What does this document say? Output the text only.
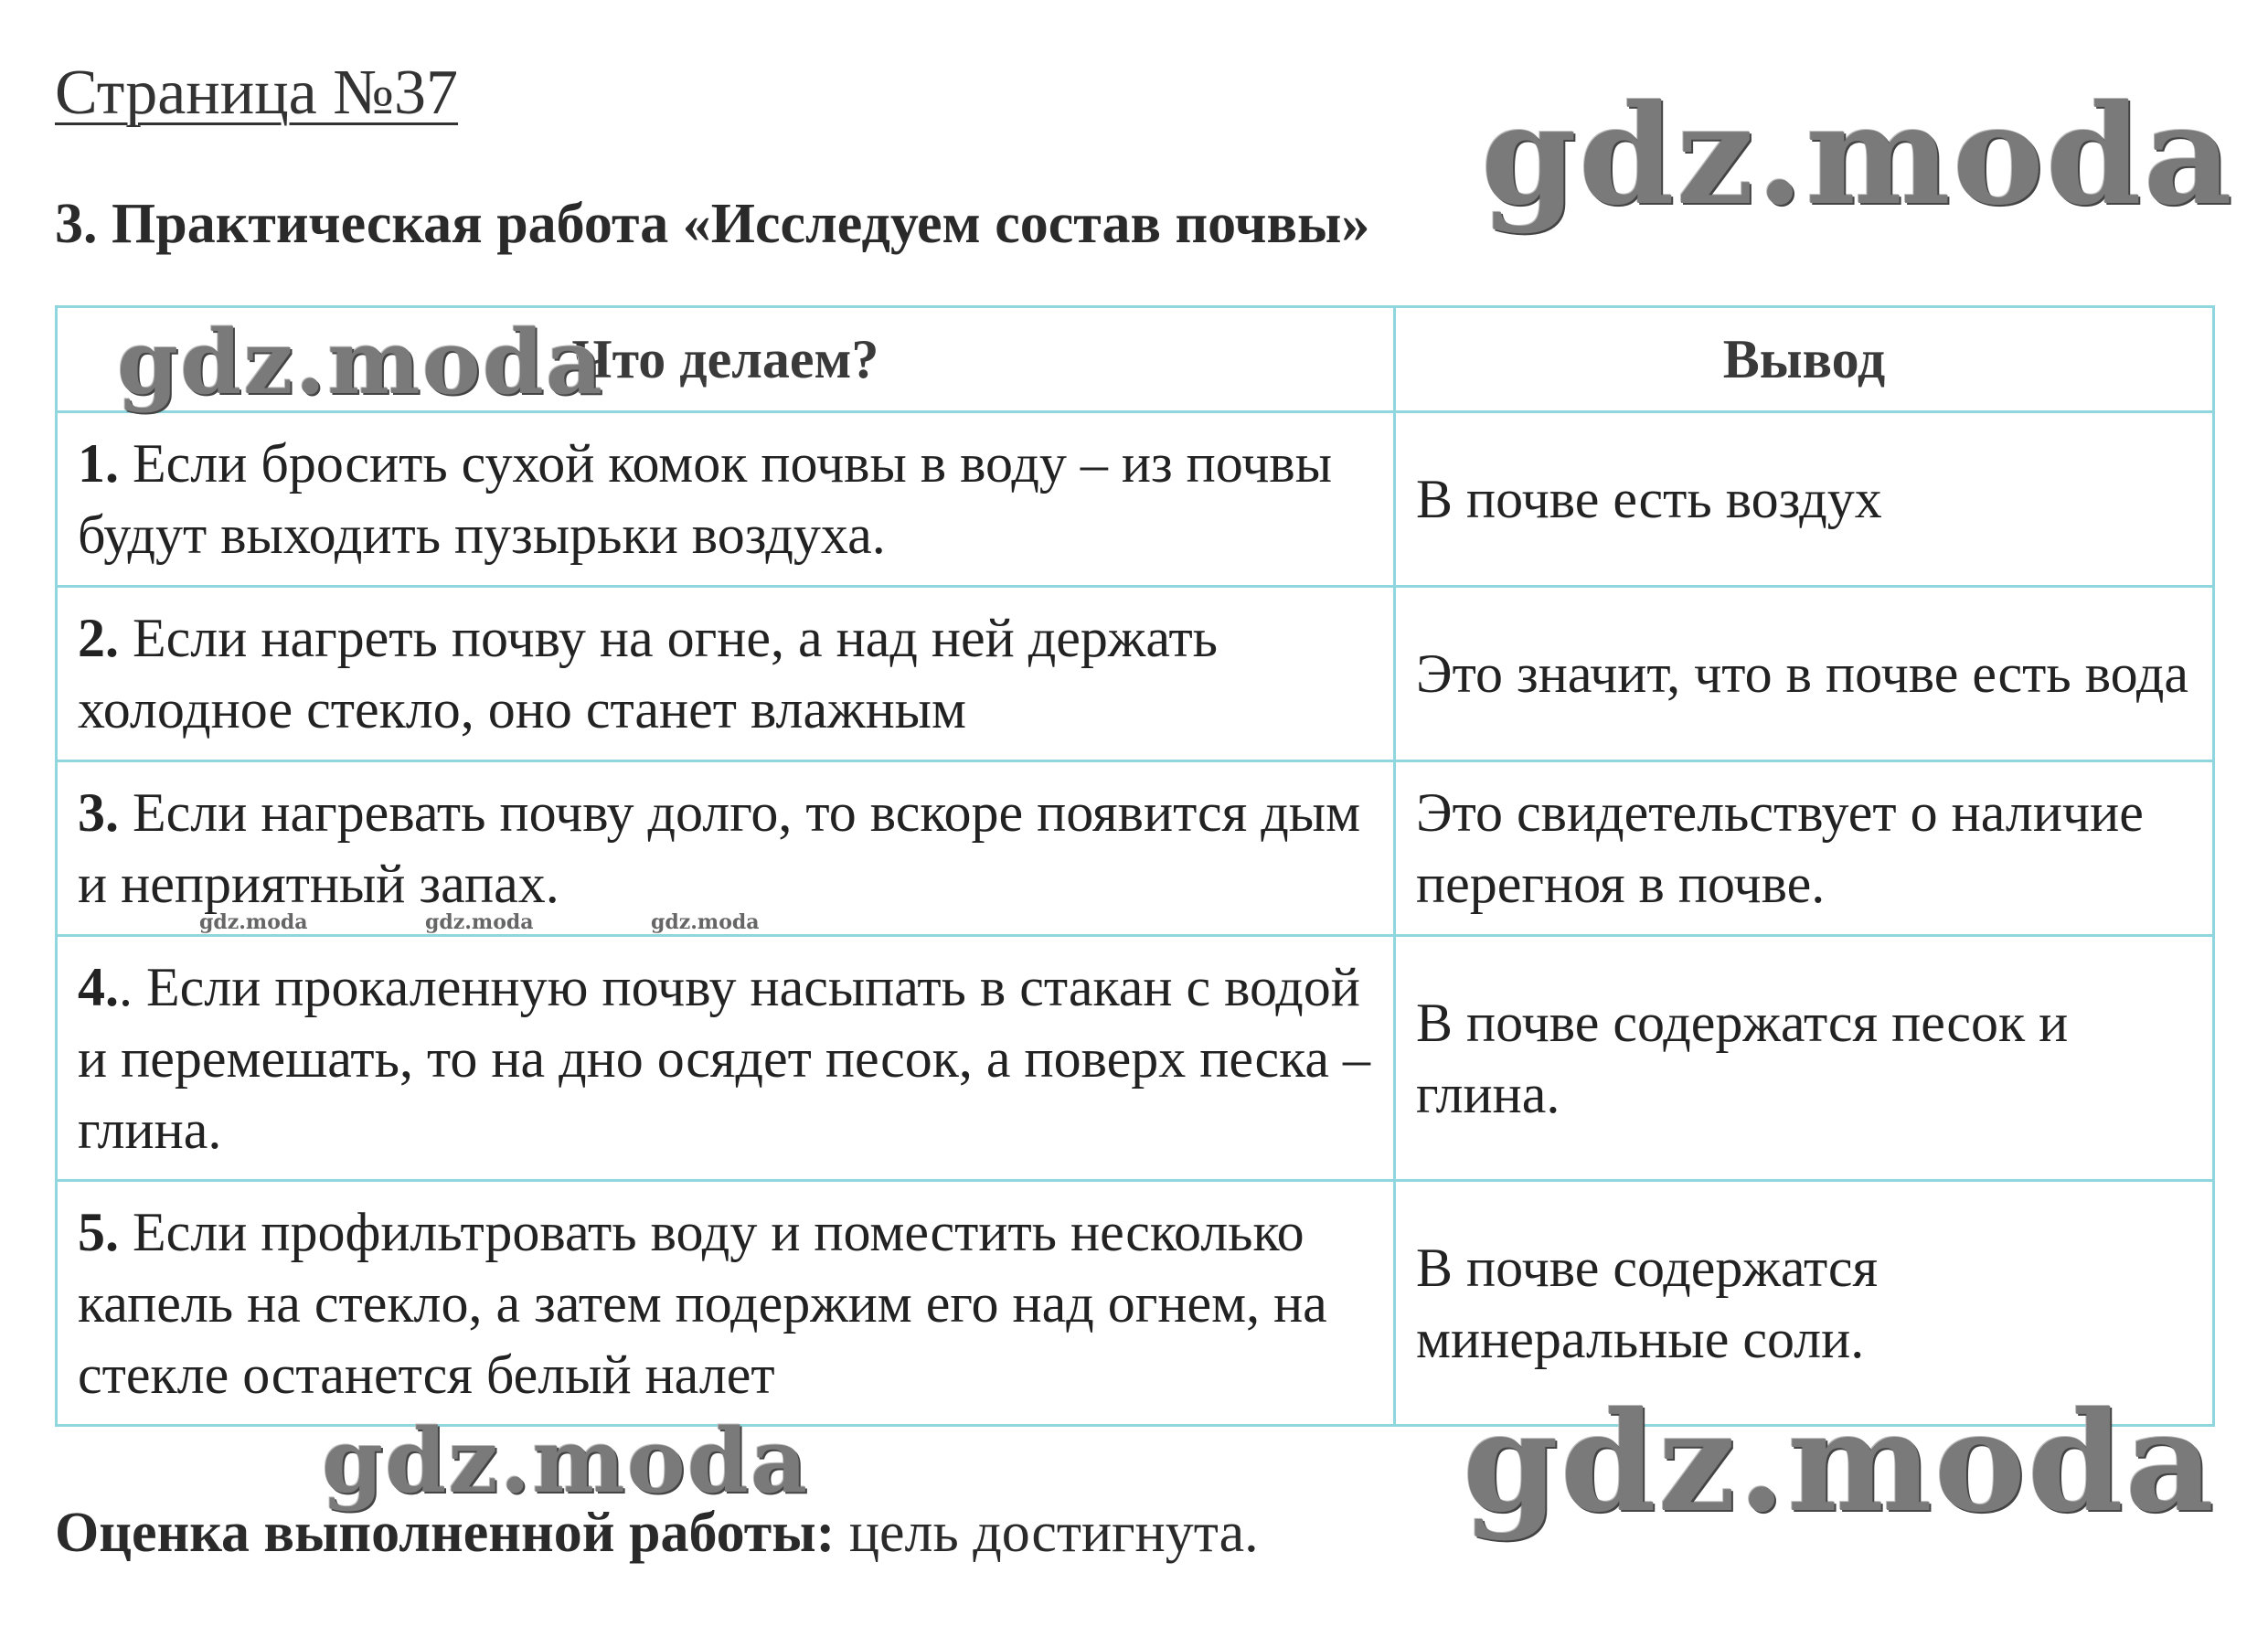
Страница №37
3. Практическая работа «Исследуем состав почвы»
Что делаем?	Вывод
1. Если бросить сухой комок почвы в воду – из почвы будут выходить пузырьки воздуха.	В почве есть воздух
2. Если нагреть почву на огне, а над ней держать холодное стекло, оно станет влажным	Это значит, что в почве есть вода
3. Если нагревать почву долго, то вскоре появится дым и неприятный запах.	Это свидетельствует о наличие перегноя в почве.
4.. Если прокаленную почву насыпать в стакан с водой и перемешать, то на дно осядет песок, а поверх песка – глина.	В почве содержатся песок и глина.
5. Если профильтровать воду и поместить несколько капель на стекло, а затем подержим его над огнем, на стекле останется белый налет	В почве содержатся минеральные соли.
Оценка выполненной работы: цель достигнута.
gdz.moda
gdz.moda
gdz.moda	gdz.moda	gdz.moda
gdz.moda	gdz.moda
